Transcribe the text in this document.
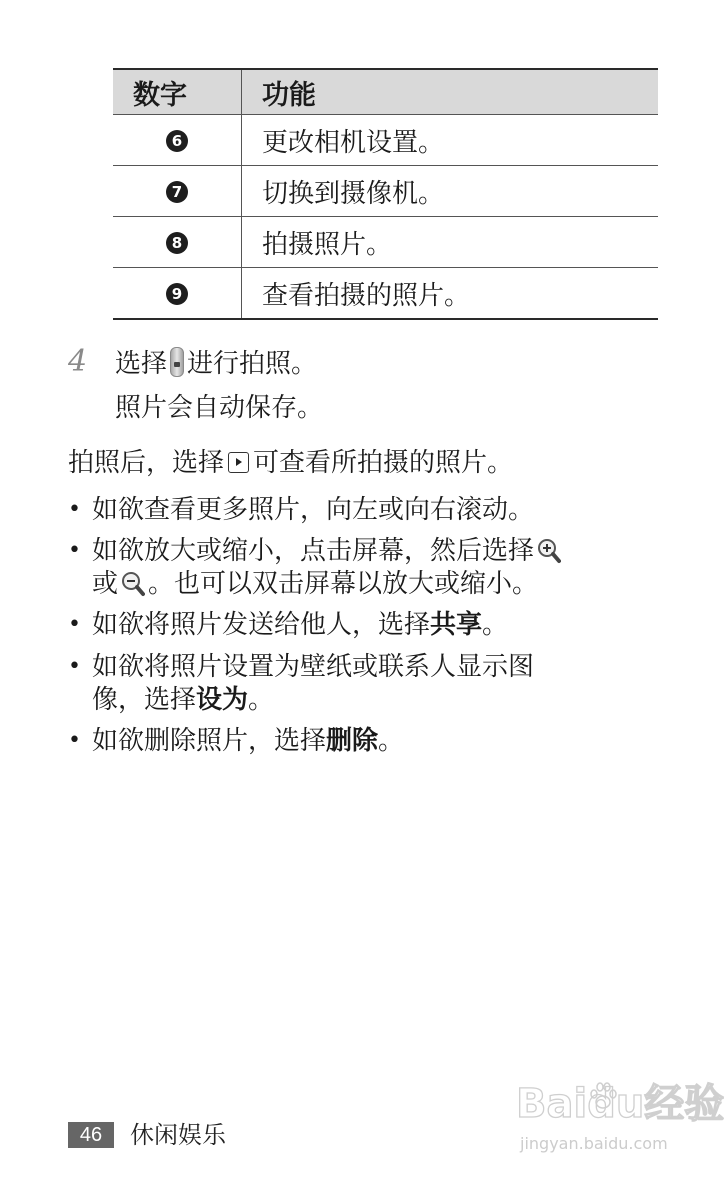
数字	功能
6	更改相机设置。
7	切换到摄像机。
8	拍摄照片。
9	查看拍摄的照片。
4 选择 进行拍照。
照片会自动保存。
拍照后，选择 可查看所拍摄的照片。
• 如欲查看更多照片，向左或向右滚动。
• 如欲放大或缩小，点击屏幕，然后选择
或 。也可以双击屏幕以放大或缩小。
• 如欲将照片发送给他人，选择共享。
• 如欲将照片设置为壁纸或联系人显示图
像，选择设为。
• 如欲删除照片，选择删除。
46	休闲娱乐
Baidu经验
jingyan.baidu.com
